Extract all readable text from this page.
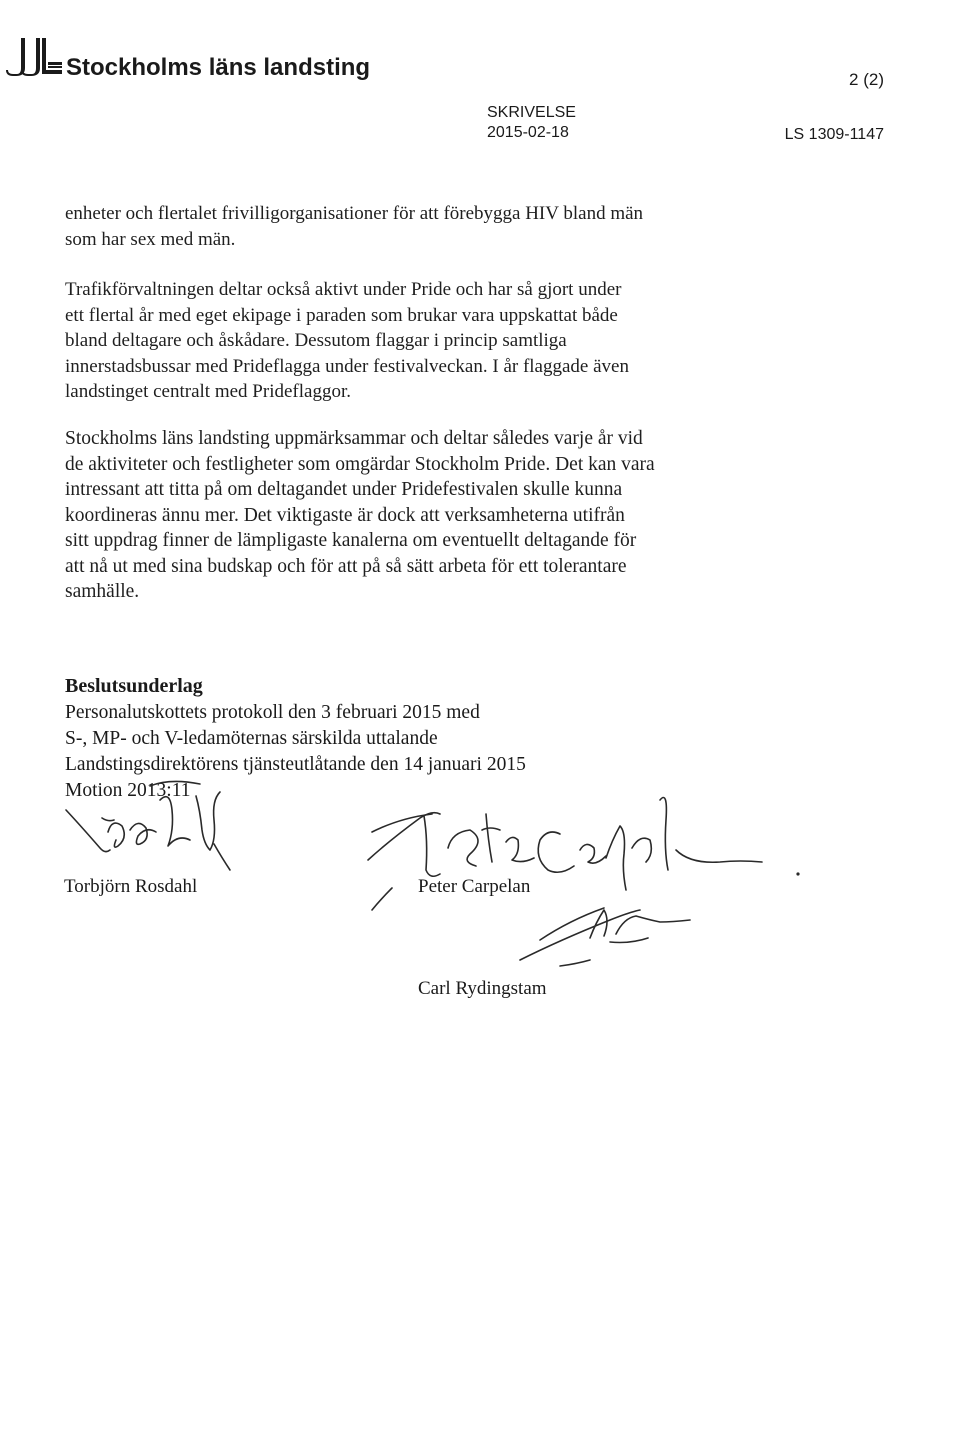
Stockholms läns landsting	2 (2)
SKRIVELSE
2015-02-18	LS 1309-1147

enheter och flertalet frivilligorganisationer för att förebygga HIV bland män
som har sex med män.

Trafikförvaltningen deltar också aktivt under Pride och har så gjort under
ett flertal år med eget ekipage i paraden som brukar vara uppskattat både
bland deltagare och åskådare. Dessutom flaggar i princip samtliga
innerstadsbussar med Prideflagga under festivalveckan. I år flaggade även
landstinget centralt med Prideflaggor.

Stockholms läns landsting uppmärksammar och deltar således varje år vid
de aktiviteter och festligheter som omgärdar Stockholm Pride. Det kan vara
intressant att titta på om deltagandet under Pridefestivalen skulle kunna
koordineras ännu mer. Det viktigaste är dock att verksamheterna utifrån
sitt uppdrag finner de lämpligaste kanalerna om eventuellt deltagande för
att nå ut med sina budskap och för att på så sätt arbeta för ett tolerantare
samhälle.

Beslutsunderlag
Personalutskottets protokoll den 3 februari 2015 med
S-, MP- och V-ledamöternas särskilda uttalande
Landstingsdirektörens tjänsteutlåtande den 14 januari 2015
Motion 2013:11
Torbjörn Rosdahl	Peter Carpelan
Carl Rydingstam
